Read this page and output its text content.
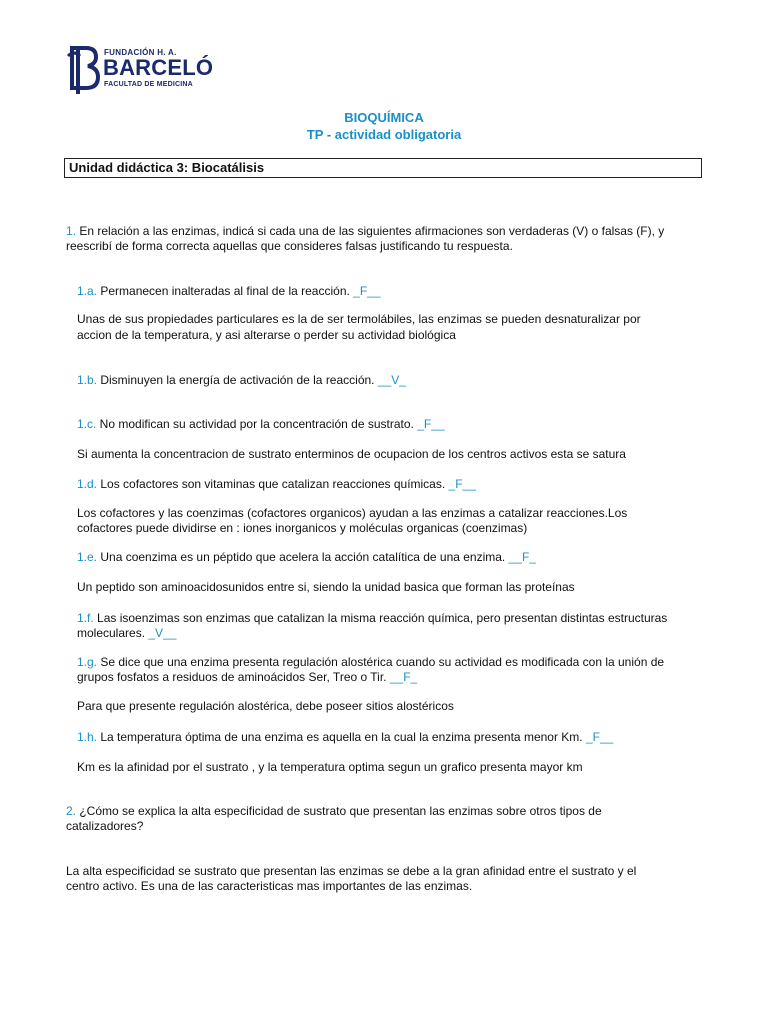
FUNDACIÓN H. A.
BARCELÓ
FACULTAD DE MEDICINA
BIOQUÍMICA
TP - actividad obligatoria
Unidad didáctica 3: Biocatálisis
1. En relación a las enzimas, indicá si cada una de las siguientes afirmaciones son verdaderas (V) o falsas (F), y
reescribí de forma correcta aquellas que consideres falsas justificando tu respuesta.
1.a. Permanecen inalteradas al final de la reacción. _F__
Unas de sus propiedades particulares es la de ser termolábiles, las enzimas se pueden desnaturalizar por
accion de la temperatura, y asi alterarse o perder su actividad biológica
1.b. Disminuyen la energía de activación de la reacción. __V_
1.c. No modifican su actividad por la concentración de sustrato. _F__
Si aumenta la concentracion de sustrato enterminos de ocupacion de los centros activos esta se satura
1.d. Los cofactores son vitaminas que catalizan reacciones químicas. _F__
Los cofactores y las coenzimas (cofactores organicos) ayudan a las enzimas a catalizar reacciones.Los
cofactores puede dividirse en : iones inorganicos y moléculas organicas (coenzimas)
1.e. Una coenzima es un péptido que acelera la acción catalítica de una enzima. __F_
Un peptido son aminoacidosunidos entre si, siendo la unidad basica que forman las proteínas
1.f. Las isoenzimas son enzimas que catalizan la misma reacción química, pero presentan distintas estructuras
moleculares. _V__
1.g. Se dice que una enzima presenta regulación alostérica cuando su actividad es modificada con la unión de
grupos fosfatos a residuos de aminoácidos Ser, Treo o Tir. __F_
Para que presente regulación alostérica, debe poseer sitios alostéricos
1.h. La temperatura óptima de una enzima es aquella en la cual la enzima presenta menor Km. _F__
Km es la afinidad por el sustrato , y la temperatura optima segun un grafico presenta mayor km
2. ¿Cómo se explica la alta especificidad de sustrato que presentan las enzimas sobre otros tipos de
catalizadores?
La alta especificidad se sustrato que presentan las enzimas se debe a la gran afinidad entre el sustrato y el
centro activo. Es una de las caracteristicas mas importantes de las enzimas.
